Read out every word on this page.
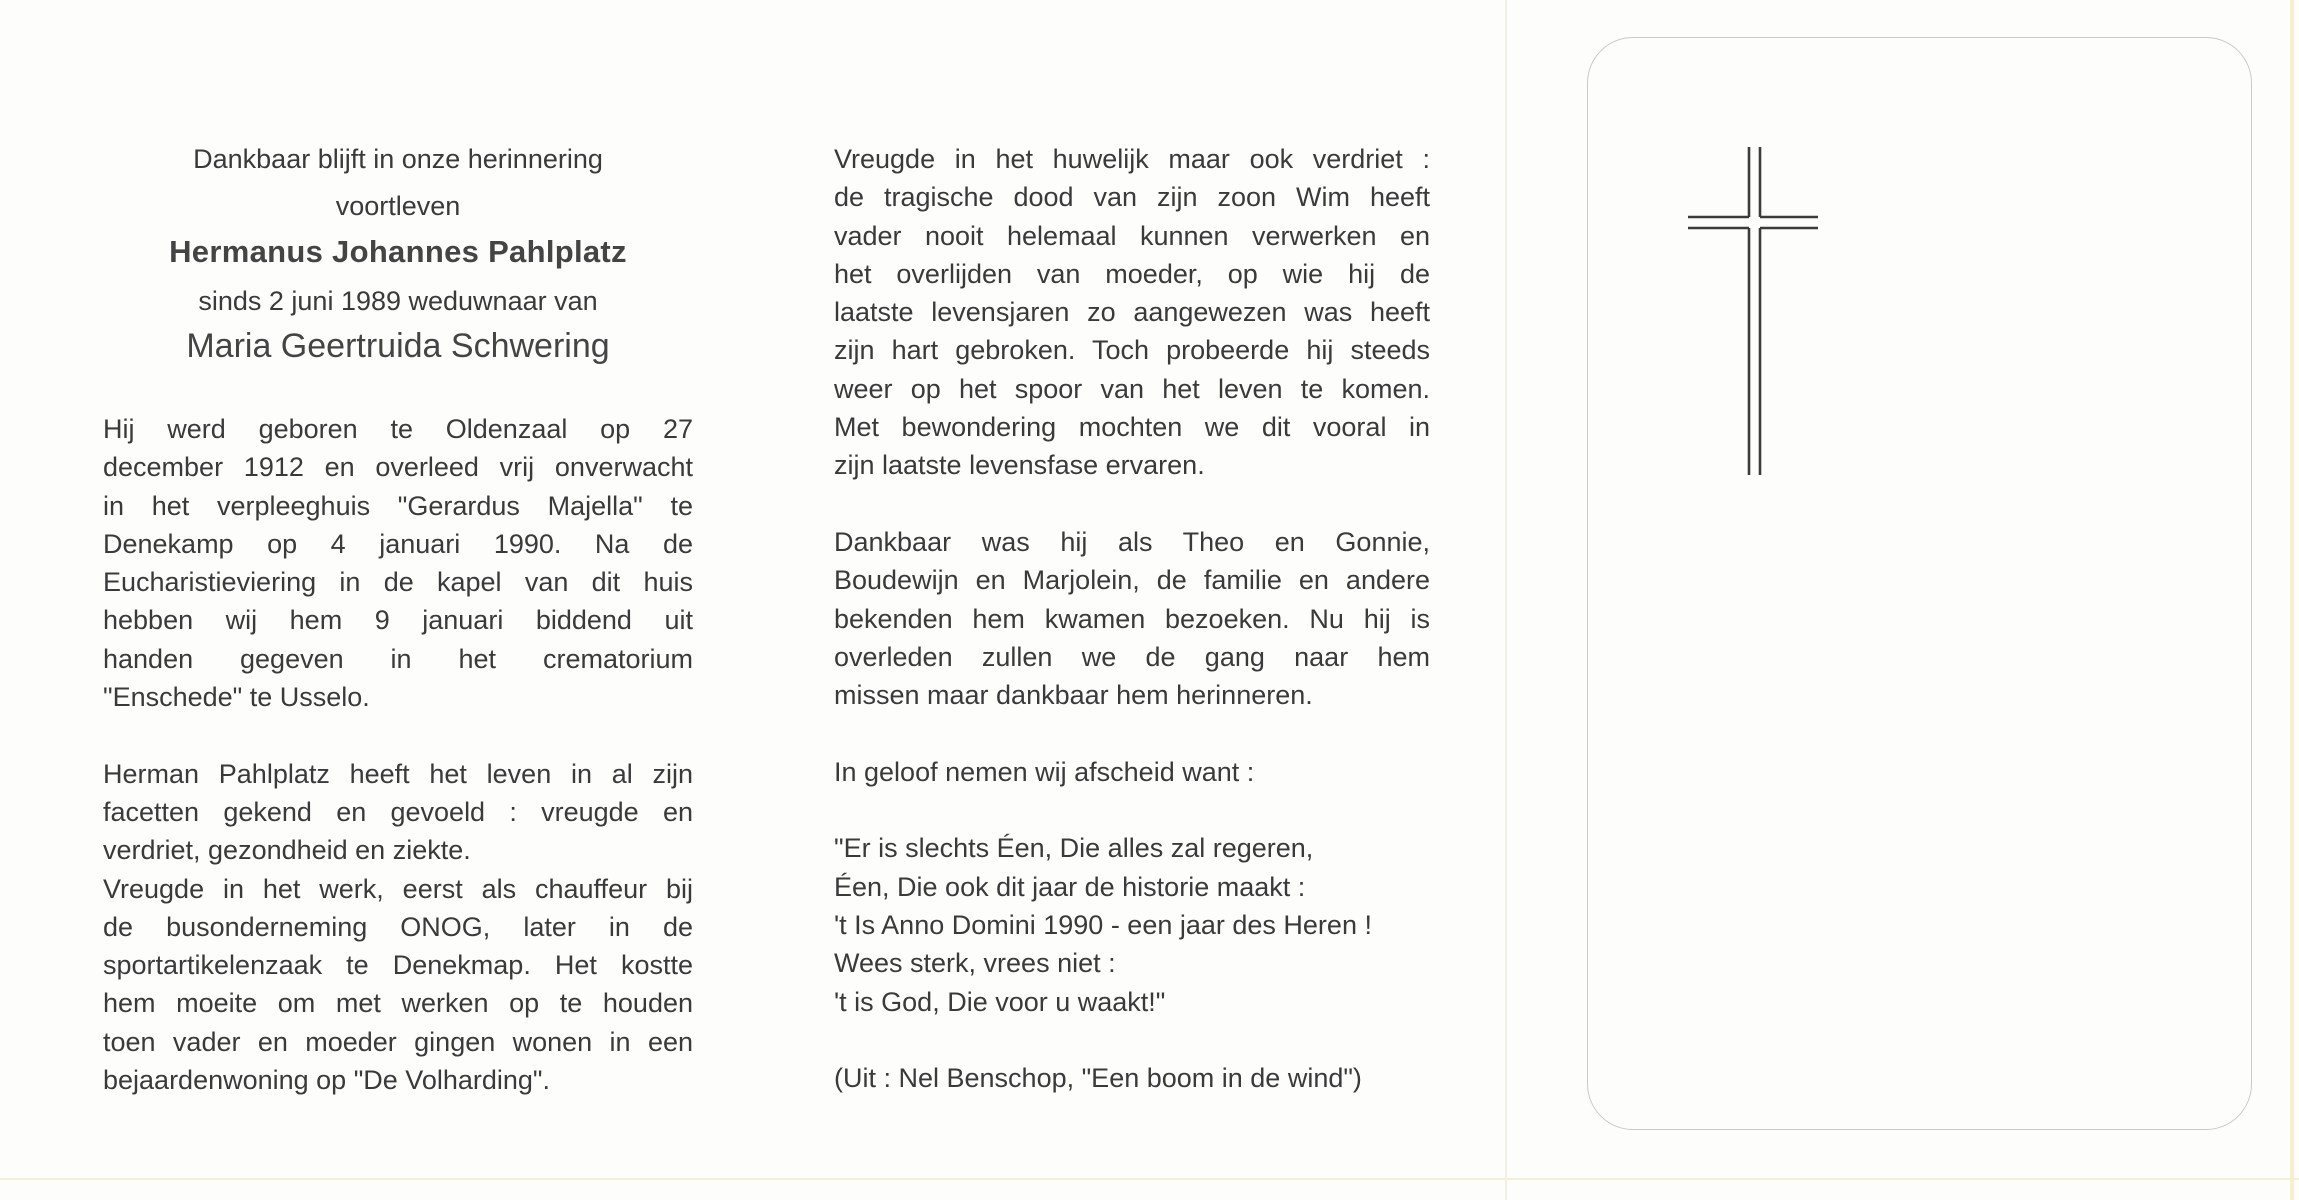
Dankbaar blijft in onze herinnering
voortleven
Hermanus Johannes Pahlplatz
sinds 2 juni 1989 weduwnaar van
Maria Geertruida Schwering
Hij werd geboren te Oldenzaal op 27
december 1912 en overleed vrij onverwacht
in het verpleeghuis "Gerardus Majella" te
Denekamp op 4 januari 1990. Na de
Eucharistieviering in de kapel van dit huis
hebben wij hem 9 januari biddend uit
handen gegeven in het crematorium
"Enschede" te Usselo.
Herman Pahlplatz heeft het leven in al zijn
facetten gekend en gevoeld : vreugde en
verdriet, gezondheid en ziekte.
Vreugde in het werk, eerst als chauffeur bij
de busonderneming ONOG, later in de
sportartikelenzaak te Denekmap. Het kostte
hem moeite om met werken op te houden
toen vader en moeder gingen wonen in een
bejaardenwoning op "De Volharding".
Vreugde in het huwelijk maar ook verdriet :
de tragische dood van zijn zoon Wim heeft
vader nooit helemaal kunnen verwerken en
het overlijden van moeder, op wie hij de
laatste levensjaren zo aangewezen was heeft
zijn hart gebroken. Toch probeerde hij steeds
weer op het spoor van het leven te komen.
Met bewondering mochten we dit vooral in
zijn laatste levensfase ervaren.
Dankbaar was hij als Theo en Gonnie,
Boudewijn en Marjolein, de familie en andere
bekenden hem kwamen bezoeken. Nu hij is
overleden zullen we de gang naar hem
missen maar dankbaar hem herinneren.
In geloof nemen wij afscheid want :
"Er is slechts Éen, Die alles zal regeren,
Éen, Die ook dit jaar de historie maakt :
't Is Anno Domini 1990 - een jaar des Heren !
Wees sterk, vrees niet :
't is God, Die voor u waakt!"
(Uit : Nel Benschop, "Een boom in de wind")
